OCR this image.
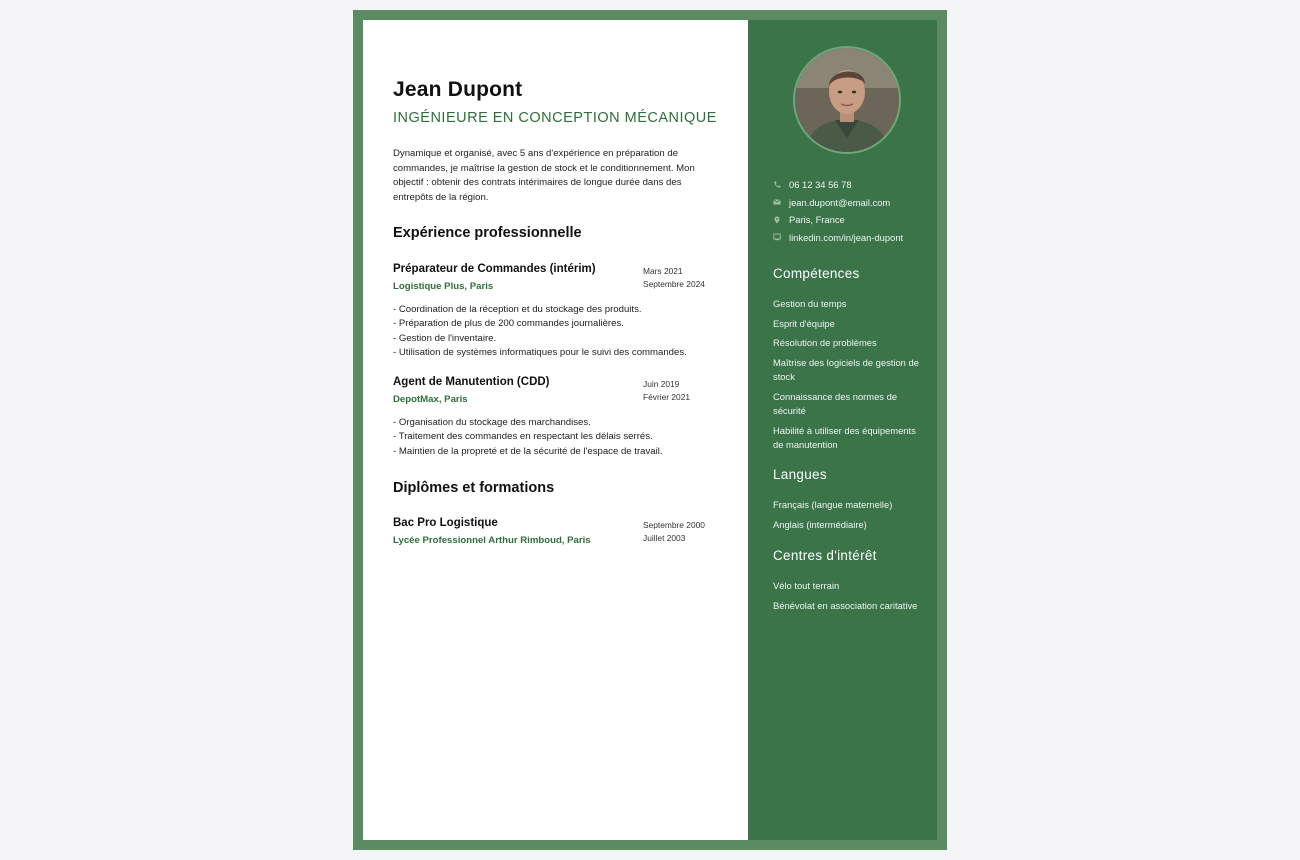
Jean Dupont
INGÉNIEURE EN CONCEPTION MÉCANIQUE
Dynamique et organisé, avec 5 ans d'expérience en préparation de commandes, je maîtrise la gestion de stock et le conditionnement. Mon objectif : obtenir des contrats intérimaires de longue durée dans des entrepôts de la région.
Expérience professionnelle
Préparateur de Commandes (intérim)
Logistique Plus, Paris
Mars 2021
Septembre 2024
- Coordination de la réception et du stockage des produits.
- Préparation de plus de 200 commandes journalières.
- Gestion de l'inventaire.
- Utilisation de systèmes informatiques pour le suivi des commandes.
Agent de Manutention (CDD)
DepotMax, Paris
Juin 2019
Février 2021
- Organisation du stockage des marchandises.
- Traitement des commandes en respectant les délais serrés.
- Maintien de la propreté et de la sécurité de l'espace de travail.
Diplômes et formations
Bac Pro Logistique
Lycée Professionnel Arthur Rimboud, Paris
Septembre 2000
Juillet 2003
06 12 34 56 78
jean.dupont@email.com
Paris, France
linkedin.com/in/jean-dupont
Compétences
Gestion du temps
Esprit d'équipe
Résolution de problèmes
Maîtrise des logiciels de gestion de stock
Connaissance des normes de sécurité
Habilité à utiliser des équipements de manutention
Langues
Français (langue maternelle)
Anglais (intermédiaire)
Centres d'intérêt
Vélo tout terrain
Bénévolat en association caritative
